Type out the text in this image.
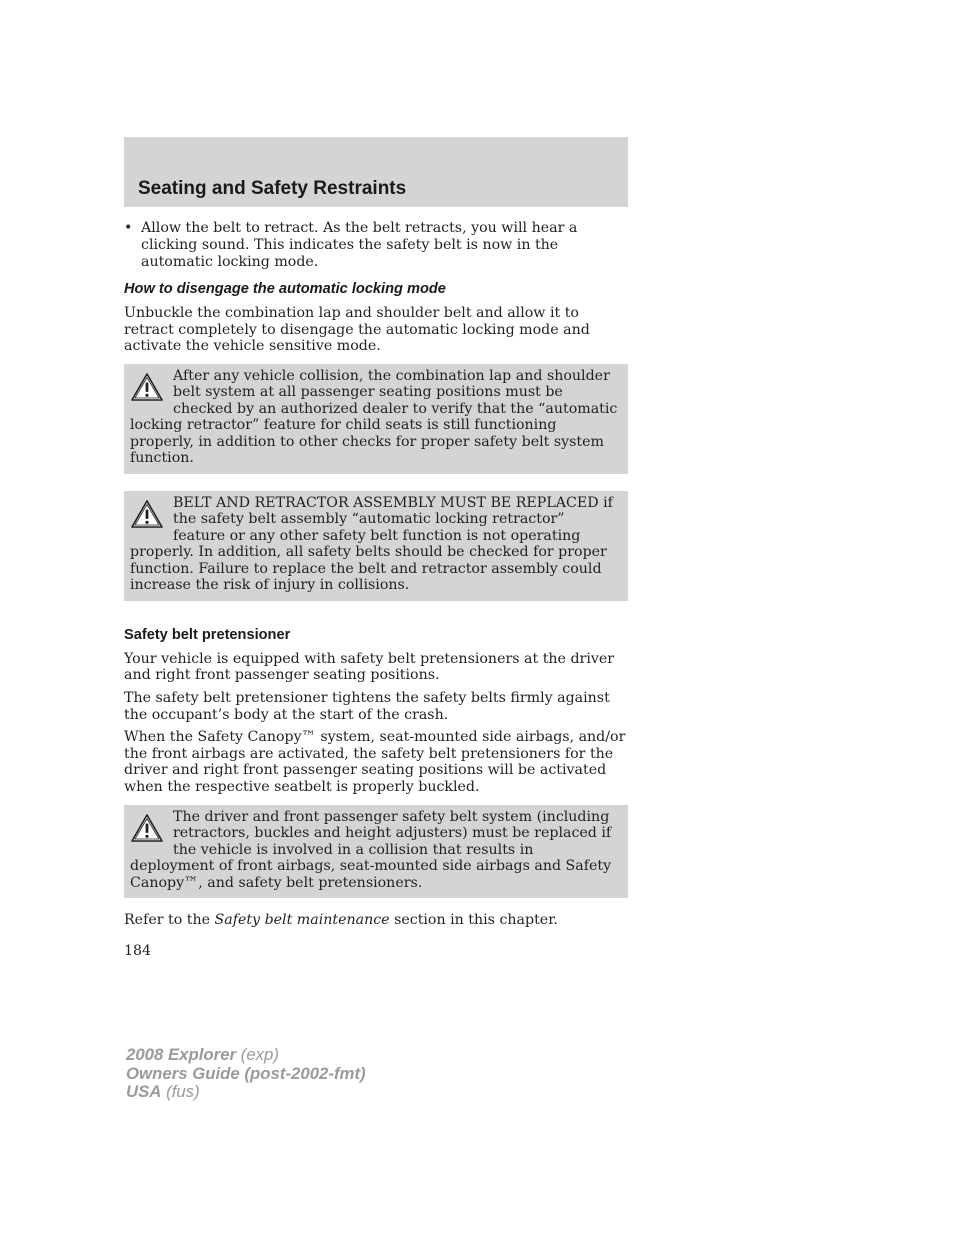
Seating and Safety Restraints
• Allow the belt to retract. As the belt retracts, you will hear a clicking sound. This indicates the safety belt is now in the automatic locking mode.
How to disengage the automatic locking mode

Unbuckle the combination lap and shoulder belt and allow it to retract completely to disengage the automatic locking mode and activate the vehicle sensitive mode.

After any vehicle collision, the combination lap and shoulder belt system at all passenger seating positions must be checked by an authorized dealer to verify that the “automatic locking retractor” feature for child seats is still functioning properly, in addition to other checks for proper safety belt system function.

BELT AND RETRACTOR ASSEMBLY MUST BE REPLACED if the safety belt assembly “automatic locking retractor” feature or any other safety belt function is not operating properly. In addition, all safety belts should be checked for proper function. Failure to replace the belt and retractor assembly could increase the risk of injury in collisions.

Safety belt pretensioner

Your vehicle is equipped with safety belt pretensioners at the driver and right front passenger seating positions.

The safety belt pretensioner tightens the safety belts firmly against the occupant’s body at the start of the crash.

When the Safety Canopy™ system, seat-mounted side airbags, and/or the front airbags are activated, the safety belt pretensioners for the driver and right front passenger seating positions will be activated when the respective seatbelt is properly buckled.

The driver and front passenger safety belt system (including retractors, buckles and height adjusters) must be replaced if the vehicle is involved in a collision that results in deployment of front airbags, seat-mounted side airbags and Safety Canopy™, and safety belt pretensioners.

Refer to the Safety belt maintenance section in this chapter.

184

2008 Explorer (exp)
Owners Guide (post-2002-fmt)
USA (fus)
